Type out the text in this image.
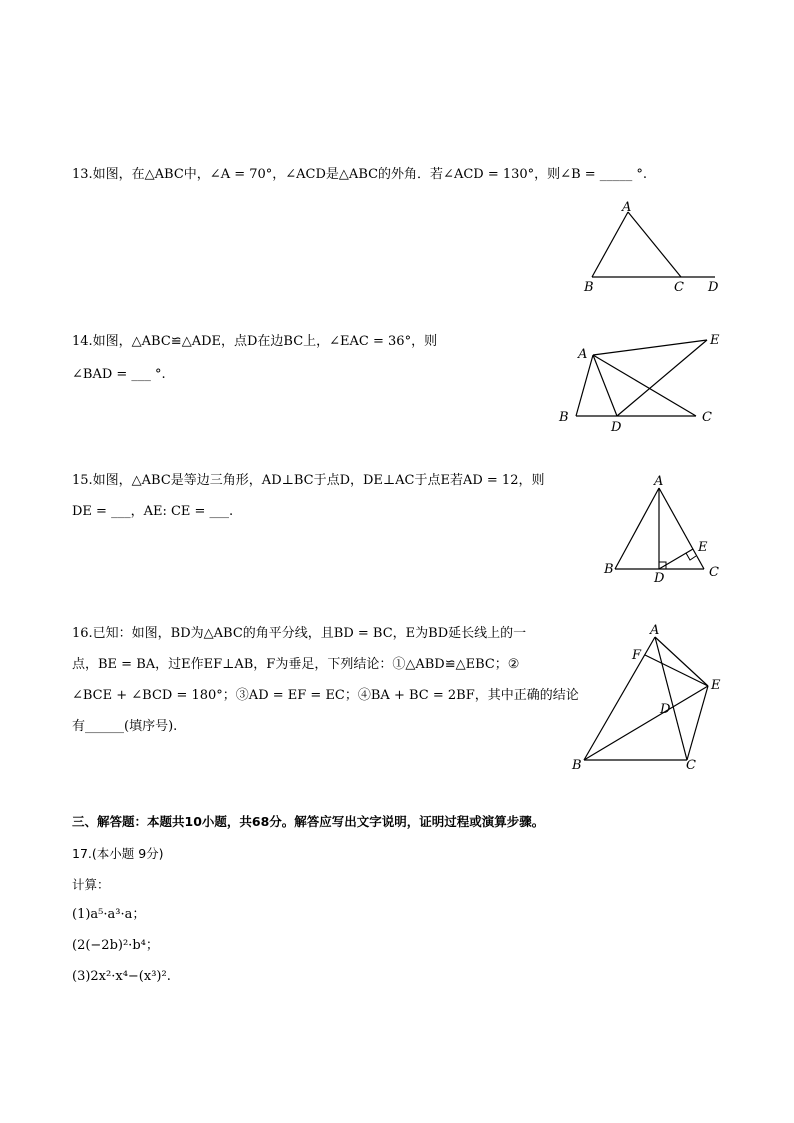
13.如图，在△ABC中，∠A = 70°，∠ACD是△ABC的外角．若∠ACD = 130°，则∠B = _____ °.
A
B	C D
14.如图，△ABC≌△ADE，点D在边BC上，∠EAC = 36°，则
∠BAD = ___ °.
A
B	C
D
E
15.如图，△ABC是等边三角形，AD⊥BC于点D，DE⊥AC于点E若AD = 12，则
DE = ___，AE: CE = ___.
A
B	C
D
E
16.已知：如图，BD为△ABC的角平分线，且BD = BC，E为BD延长线上的一
点，BE = BA，过E作EF⊥AB，F为垂足，下列结论：①△ABD≌△EBC；②
∠BCE + ∠BCD = 180°；③AD = EF = EC；④BA + BC = 2BF，其中正确的结论
有______(填序号).
A
B	C
D
E
F
三、解答题：本题共10小题，共68分。解答应写出文字说明，证明过程或演算步骤。
17.(本小题 9分)
计算：
(1)a⁵·a³·a；
(2(−2b)²·b⁴；
(3)2x²·x⁴−(x³)².
